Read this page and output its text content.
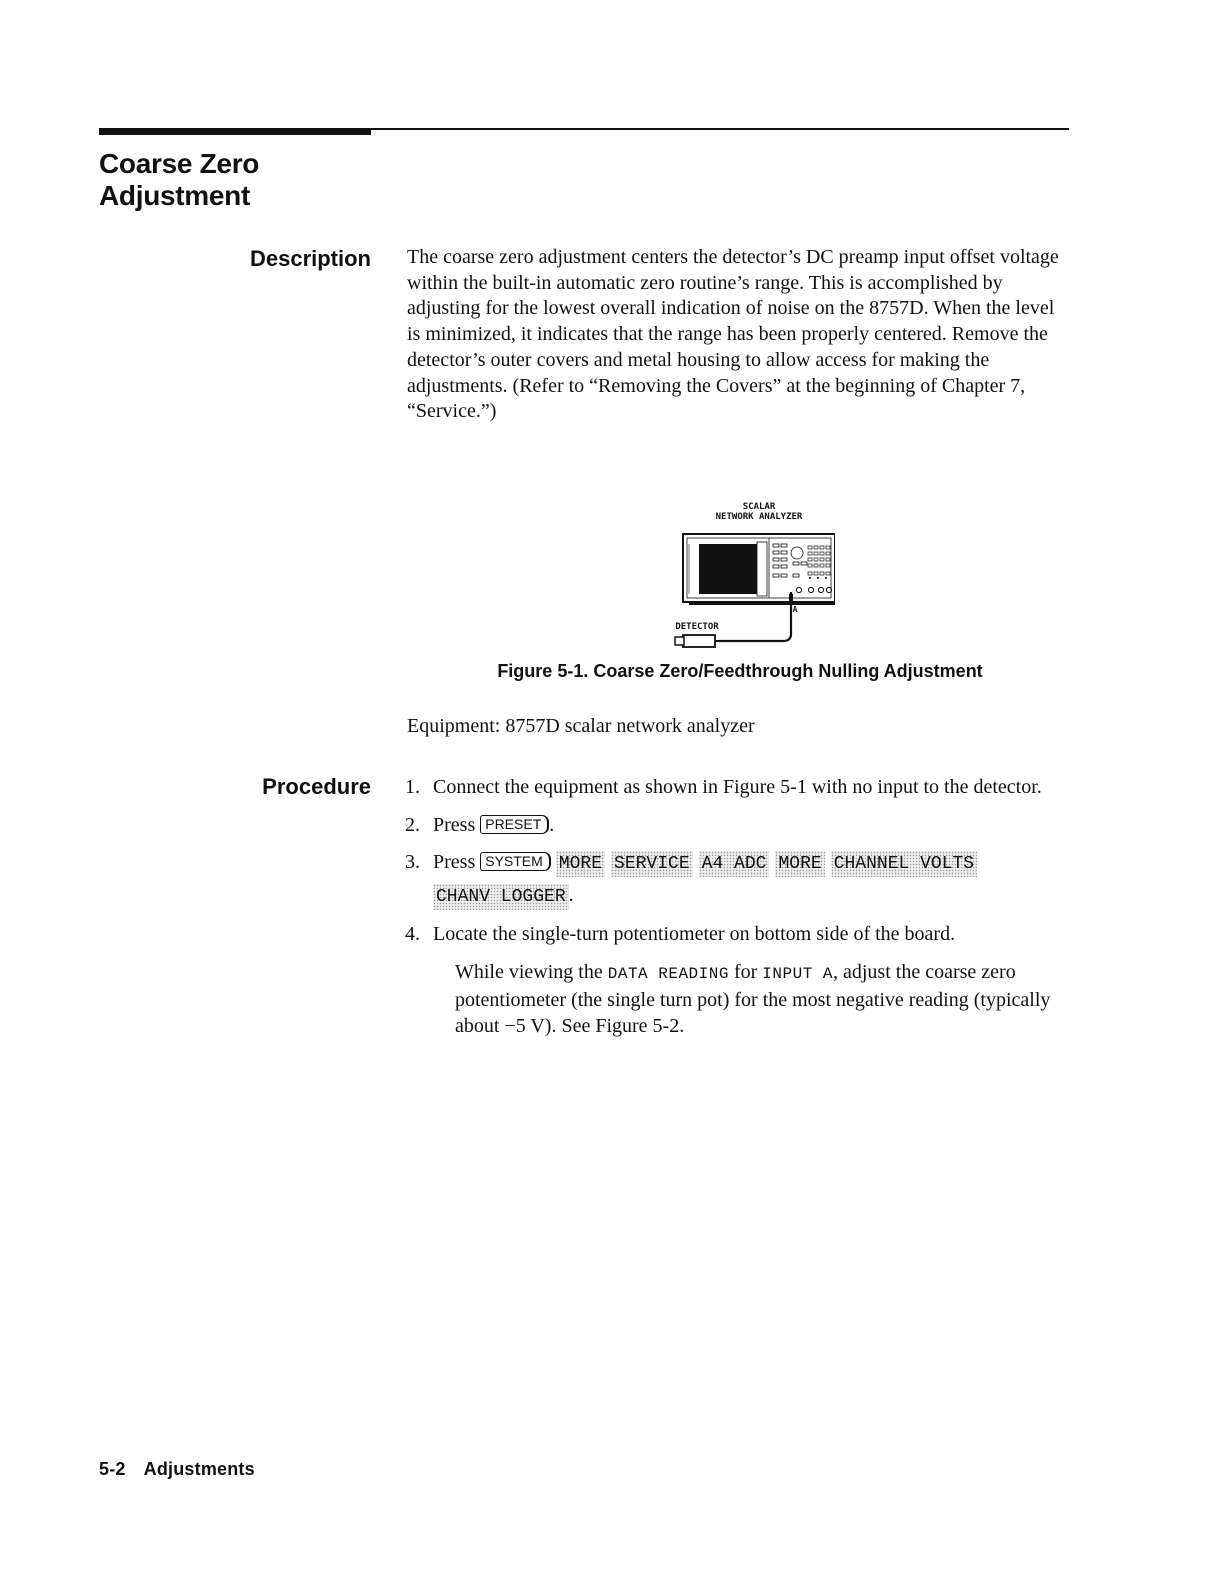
Coarse Zero
Adjustment
Description The coarse zero adjustment centers the detector’s DC preamp input offset voltage within the built-in automatic zero routine’s range. This is accomplished by adjusting for the lowest overall indication of noise on the 8757D. When the level is minimized, it indicates that the range has been properly centered. Remove the detector’s outer covers and metal housing to allow access for making the adjustments. (Refer to “Removing the Covers” at the beginning of Chapter 7, “Service.”)

SCALAR
NETWORK ANALYZER
A
DETECTOR
Figure 5-1. Coarse Zero/Feedthrough Nulling Adjustment
Equipment: 8757D scalar network analyzer
Procedure 1. Connect the equipment as shown in Figure 5-1 with no input to the detector.
2. Press PRESET .
3. Press SYSTEM MORE SERVICE A4 ADC MORE CHANNEL VOLTS
CHANV LOGGER .
4. Locate the single-turn potentiometer on bottom side of the board.
While viewing the DATA READING for INPUT A, adjust the coarse zero potentiometer (the single turn pot) for the most negative reading (typically about −5 V). See Figure 5-2.

5-2 Adjustments
